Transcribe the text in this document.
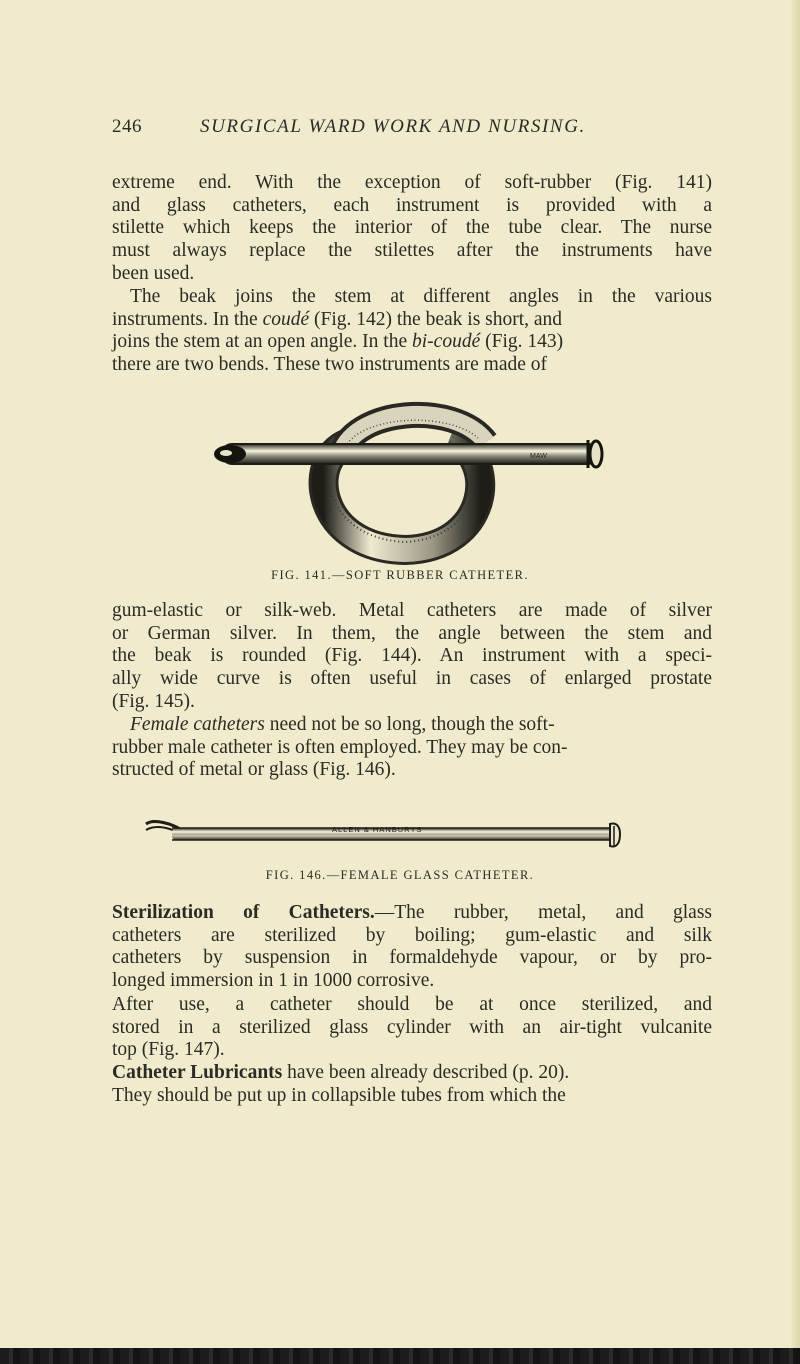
246	SURGICAL WARD WORK AND NURSING.

extreme end. With the exception of soft-rubber (Fig. 141)
and glass catheters, each instrument is provided with a
stilette which keeps the interior of the tube clear. The nurse
must always replace the stilettes after the instruments have
been used.

The beak joins the stem at different angles in the various
instruments. In the coudé (Fig. 142) the beak is short, and
joins the stem at an open angle. In the bi-coudé (Fig. 143)
there are two bends. These two instruments are made of

MAW
FIG. 141.—SOFT RUBBER CATHETER.

gum-elastic or silk-web. Metal catheters are made of silver
or German silver. In them, the angle between the stem and
the beak is rounded (Fig. 144). An instrument with a speci-
ally wide curve is often useful in cases of enlarged prostate
(Fig. 145).

Female catheters need not be so long, though the soft-
rubber male catheter is often employed. They may be con-
structed of metal or glass (Fig. 146).

ALLEN & HANBURYS
FIG. 146.—FEMALE GLASS CATHETER.

Sterilization of Catheters.—The rubber, metal, and glass
catheters are sterilized by boiling; gum-elastic and silk
catheters by suspension in formaldehyde vapour, or by pro-
longed immersion in 1 in 1000 corrosive.

After use, a catheter should be at once sterilized, and
stored in a sterilized glass cylinder with an air-tight vulcanite
top (Fig. 147).

Catheter Lubricants have been already described (p. 20).
They should be put up in collapsible tubes from which the
